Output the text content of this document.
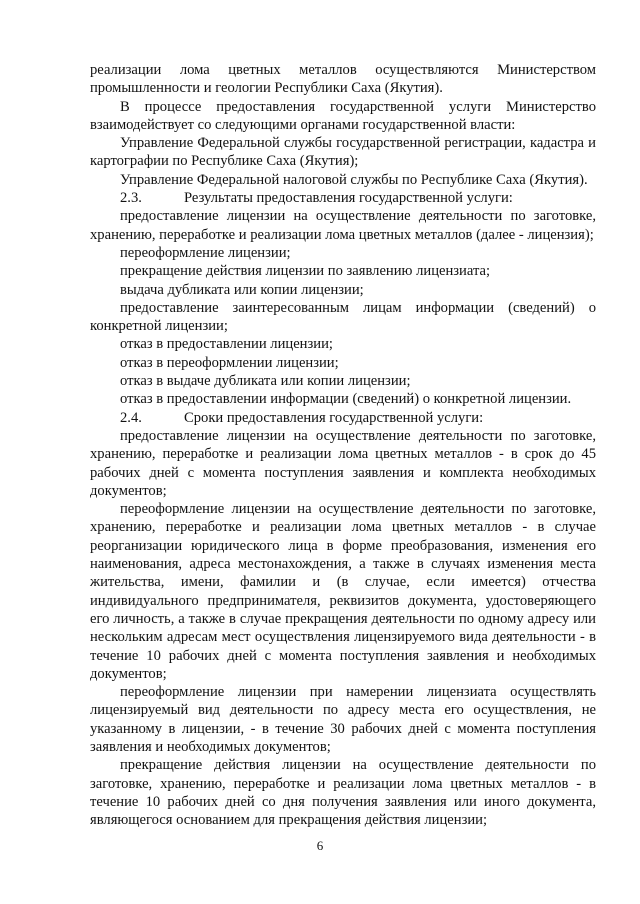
реализации лома цветных металлов осуществляются Министерством промышленности и геологии Республики Саха (Якутия).

В процессе предоставления государственной услуги Министерство взаимодействует со следующими органами государственной власти:

Управление Федеральной службы государственной регистрации, кадастра и картографии по Республике Саха (Якутия);

Управление Федеральной налоговой службы по Республике Саха (Якутия).

2.3.	Результаты предоставления государственной услуги:

предоставление лицензии на осуществление деятельности по заготовке, хранению, переработке и реализации лома цветных металлов (далее - лицензия);

переоформление лицензии;

прекращение действия лицензии по заявлению лицензиата;

выдача дубликата или копии лицензии;

предоставление заинтересованным лицам информации (сведений) о конкретной лицензии;

отказ в предоставлении лицензии;

отказ в переоформлении лицензии;

отказ в выдаче дубликата или копии лицензии;

отказ в предоставлении информации (сведений) о конкретной лицензии.

2.4.	Сроки предоставления государственной услуги:

предоставление лицензии на осуществление деятельности по заготовке, хранению, переработке и реализации лома цветных металлов - в срок до 45 рабочих дней с момента поступления заявления и комплекта необходимых документов;

переоформление лицензии на осуществление деятельности по заготовке, хранению, переработке и реализации лома цветных металлов - в случае реорганизации юридического лица в форме преобразования, изменения его наименования, адреса местонахождения, а также в случаях изменения места жительства, имени, фамилии и (в случае, если имеется) отчества индивидуального предпринимателя, реквизитов документа, удостоверяющего его личность, а также в случае прекращения деятельности по одному адресу или нескольким адресам мест осуществления лицензируемого вида деятельности - в течение 10 рабочих дней с момента поступления заявления и необходимых документов;

переоформление лицензии при намерении лицензиата осуществлять лицензируемый вид деятельности по адресу места его осуществления, не указанному в лицензии, - в течение 30 рабочих дней с момента поступления заявления и необходимых документов;

прекращение действия лицензии на осуществление деятельности по заготовке, хранению, переработке и реализации лома цветных металлов - в течение 10 рабочих дней со дня получения заявления или иного документа, являющегося основанием для прекращения действия лицензии;

6
